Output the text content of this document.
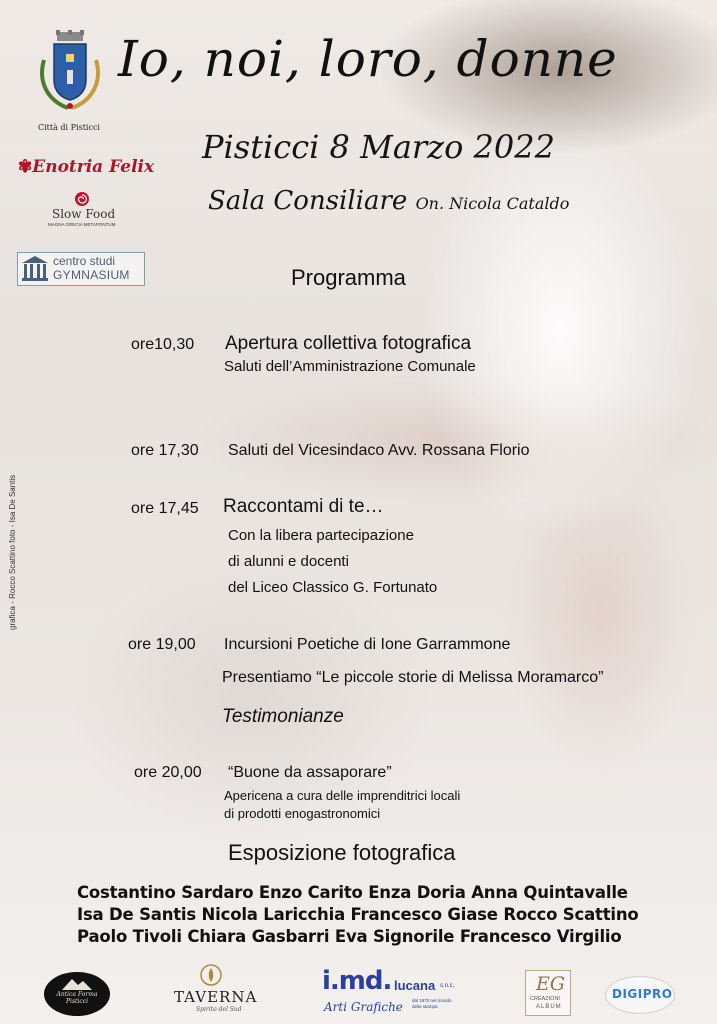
Città di Pisticci
✾Enotria Felix
Slow Food
MAGNA GRECIA METAPONTUM
centro studi
GYMNASIUM
grafica - Rocco Scattino foto - Isa De Santis
Io, noi, loro, donne
Pisticci 8 Marzo 2022
Sala Consiliare On. Nicola Cataldo
Programma
ore10,30 Apertura collettiva fotografica
Saluti dell’Amministrazione Comunale
ore 17,30 Saluti del Vicesindaco Avv. Rossana Florio
ore 17,45 Raccontami di te…
Con la libera partecipazione
di alunni e docenti
del Liceo Classico G. Fortunato
ore 19,00 Incursioni Poetiche di Ione Garrammone
Presentiamo “Le piccole storie di Melissa Moramarco”
Testimonianze
ore 20,00 “Buone da assaporare”
Apericena a cura delle imprenditrici locali
di prodotti enogastronomici
Esposizione fotografica
Costantino Sardaro Enzo Carito Enza Doria Anna Quintavalle
Isa De Santis Nicola Laricchia Francesco Giase Rocco Scattino
Paolo Tivoli Chiara Gasbarri Eva Signorile Francesco Virgilio
Antica Forma Pisticci	TAVERNA
Spirito del Sud
i.md. lucana s.n.c.
Arti Grafiche dal 1970 nel mondo della stampa
EG
CREAZIONI
ALBUM
DIGIPRO
